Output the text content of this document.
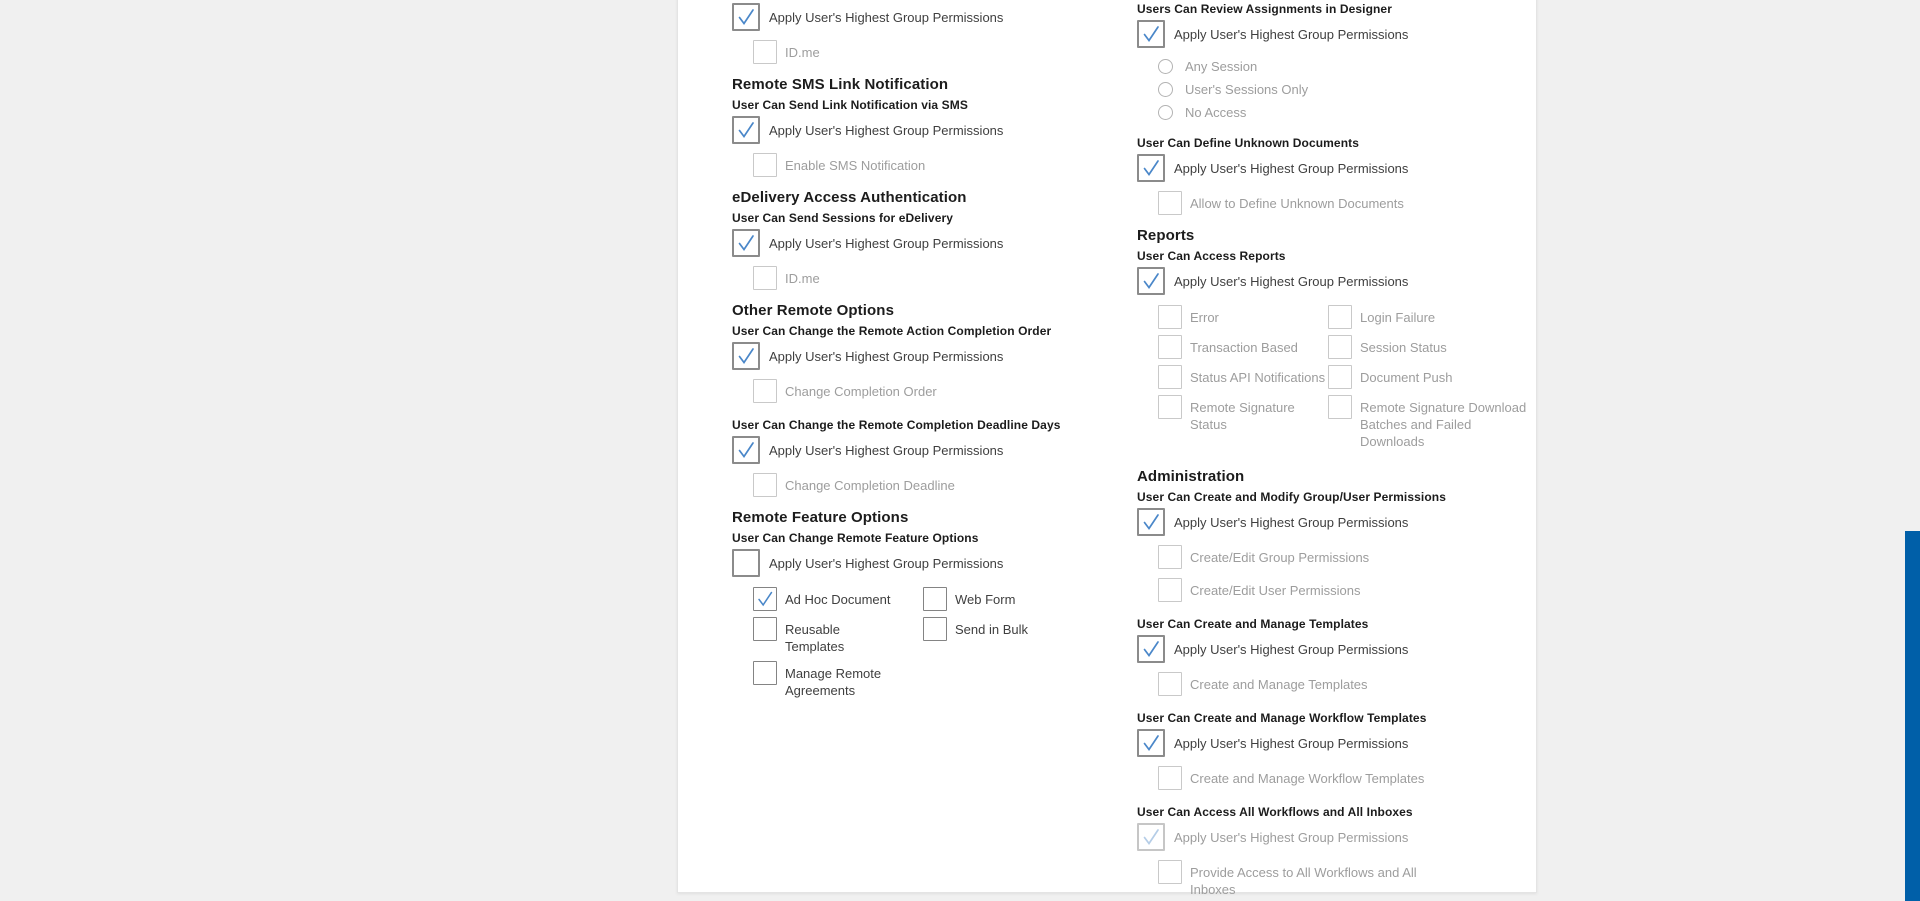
Apply User's Highest Group Permissions
ID.me
Remote SMS Link Notification
User Can Send Link Notification via SMS
Apply User's Highest Group Permissions
Enable SMS Notification
eDelivery Access Authentication
User Can Send Sessions for eDelivery
Apply User's Highest Group Permissions
ID.me
Other Remote Options
User Can Change the Remote Action Completion Order
Apply User's Highest Group Permissions
Change Completion Order
User Can Change the Remote Completion Deadline Days
Apply User's Highest Group Permissions
Change Completion Deadline
Remote Feature Options
User Can Change Remote Feature Options
Apply User's Highest Group Permissions
Ad Hoc Document
Reusable Templates
Manage Remote Agreements
Web Form
Send in Bulk
Users Can Review Assignments in Designer
Apply User's Highest Group Permissions
Any Session
User's Sessions Only
No Access
User Can Define Unknown Documents
Apply User's Highest Group Permissions
Allow to Define Unknown Documents
Reports
User Can Access Reports
Apply User's Highest Group Permissions
Error
Transaction Based
Status API Notifications
Remote Signature Status
Login Failure
Session Status
Document Push
Remote Signature Download Batches and Failed Downloads
Administration
User Can Create and Modify Group/User Permissions
Apply User's Highest Group Permissions
Create/Edit Group Permissions
Create/Edit User Permissions
User Can Create and Manage Templates
Apply User's Highest Group Permissions
Create and Manage Templates
User Can Create and Manage Workflow Templates
Apply User's Highest Group Permissions
Create and Manage Workflow Templates
User Can Access All Workflows and All Inboxes
Apply User's Highest Group Permissions
Provide Access to All Workflows and All Inboxes
